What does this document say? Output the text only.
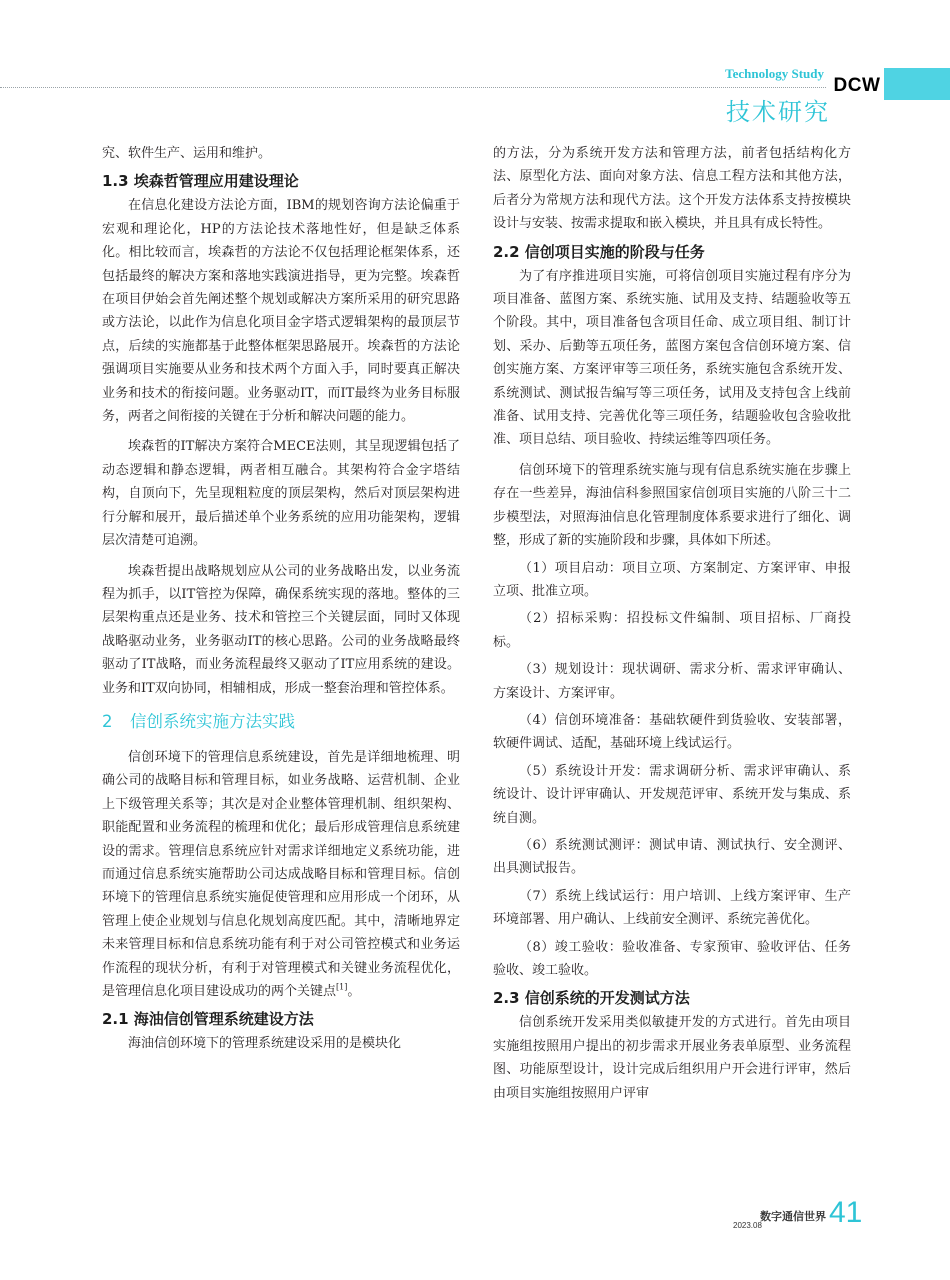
Technology Study
DCW
技术研究

究、软件生产、运用和维护。

1.3 埃森哲管理应用建设理论

在信息化建设方法论方面，IBM的规划咨询方法论偏重于宏观和理论化，HP的方法论技术落地性好，但是缺乏体系化。相比较而言，埃森哲的方法论不仅包括理论框架体系，还包括最终的解决方案和落地实践演进指导，更为完整。埃森哲在项目伊始会首先阐述整个规划或解决方案所采用的研究思路或方法论，以此作为信息化项目金字塔式逻辑架构的最顶层节点，后续的实施都基于此整体框架思路展开。埃森哲的方法论强调项目实施要从业务和技术两个方面入手，同时要真正解决业务和技术的衔接问题。业务驱动IT，而IT最终为业务目标服务，两者之间衔接的关键在于分析和解决问题的能力。

埃森哲的IT解决方案符合MECE法则，其呈现逻辑包括了动态逻辑和静态逻辑，两者相互融合。其架构符合金字塔结构，自顶向下，先呈现粗粒度的顶层架构，然后对顶层架构进行分解和展开，最后描述单个业务系统的应用功能架构，逻辑层次清楚可追溯。

埃森哲提出战略规划应从公司的业务战略出发，以业务流程为抓手，以IT管控为保障，确保系统实现的落地。整体的三层架构重点还是业务、技术和管控三个关键层面，同时又体现战略驱动业务，业务驱动IT的核心思路。公司的业务战略最终驱动了IT战略，而业务流程最终又驱动了IT应用系统的建设。业务和IT双向协同，相辅相成，形成一整套治理和管控体系。

2 信创系统实施方法实践

信创环境下的管理信息系统建设，首先是详细地梳理、明确公司的战略目标和管理目标，如业务战略、运营机制、企业上下级管理关系等；其次是对企业整体管理机制、组织架构、职能配置和业务流程的梳理和优化；最后形成管理信息系统建设的需求。管理信息系统应针对需求详细地定义系统功能，进而通过信息系统实施帮助公司达成战略目标和管理目标。信创环境下的管理信息系统实施促使管理和应用形成一个闭环，从管理上使企业规划与信息化规划高度匹配。其中，清晰地界定未来管理目标和信息系统功能有利于对公司管控模式和业务运作流程的现状分析，有利于对管理模式和关键业务流程优化，是管理信息化项目建设成功的两个关键点[1]。

2.1 海油信创管理系统建设方法

海油信创环境下的管理系统建设采用的是模块化

的方法，分为系统开发方法和管理方法，前者包括结构化方法、原型化方法、面向对象方法、信息工程方法和其他方法，后者分为常规方法和现代方法。这个开发方法体系支持按模块设计与安装、按需求提取和嵌入模块，并且具有成长特性。

2.2 信创项目实施的阶段与任务

为了有序推进项目实施，可将信创项目实施过程有序分为项目准备、蓝图方案、系统实施、试用及支持、结题验收等五个阶段。其中，项目准备包含项目任命、成立项目组、制订计划、采办、后勤等五项任务，蓝图方案包含信创环境方案、信创实施方案、方案评审等三项任务，系统实施包含系统开发、系统测试、测试报告编写等三项任务，试用及支持包含上线前准备、试用支持、完善优化等三项任务，结题验收包含验收批准、项目总结、项目验收、持续运维等四项任务。

信创环境下的管理系统实施与现有信息系统实施在步骤上存在一些差异，海油信科参照国家信创项目实施的八阶三十二步模型法，对照海油信息化管理制度体系要求进行了细化、调整，形成了新的实施阶段和步骤，具体如下所述。

（1）项目启动：项目立项、方案制定、方案评审、申报立项、批准立项。

（2）招标采购：招投标文件编制、项目招标、厂商投标。

（3）规划设计：现状调研、需求分析、需求评审确认、方案设计、方案评审。

（4）信创环境准备：基础软硬件到货验收、安装部署，软硬件调试、适配，基础环境上线试运行。

（5）系统设计开发：需求调研分析、需求评审确认、系统设计、设计评审确认、开发规范评审、系统开发与集成、系统自测。

（6）系统测试测评：测试申请、测试执行、安全测评、出具测试报告。

（7）系统上线试运行：用户培训、上线方案评审、生产环境部署、用户确认、上线前安全测评、系统完善优化。

（8）竣工验收：验收准备、专家预审、验收评估、任务验收、竣工验收。

2.3 信创系统的开发测试方法

信创系统开发采用类似敏捷开发的方式进行。首先由项目实施组按照用户提出的初步需求开展业务表单原型、业务流程图、功能原型设计，设计完成后组织用户开会进行评审，然后由项目实施组按照用户评审

数字通信世界
2023.08 41
